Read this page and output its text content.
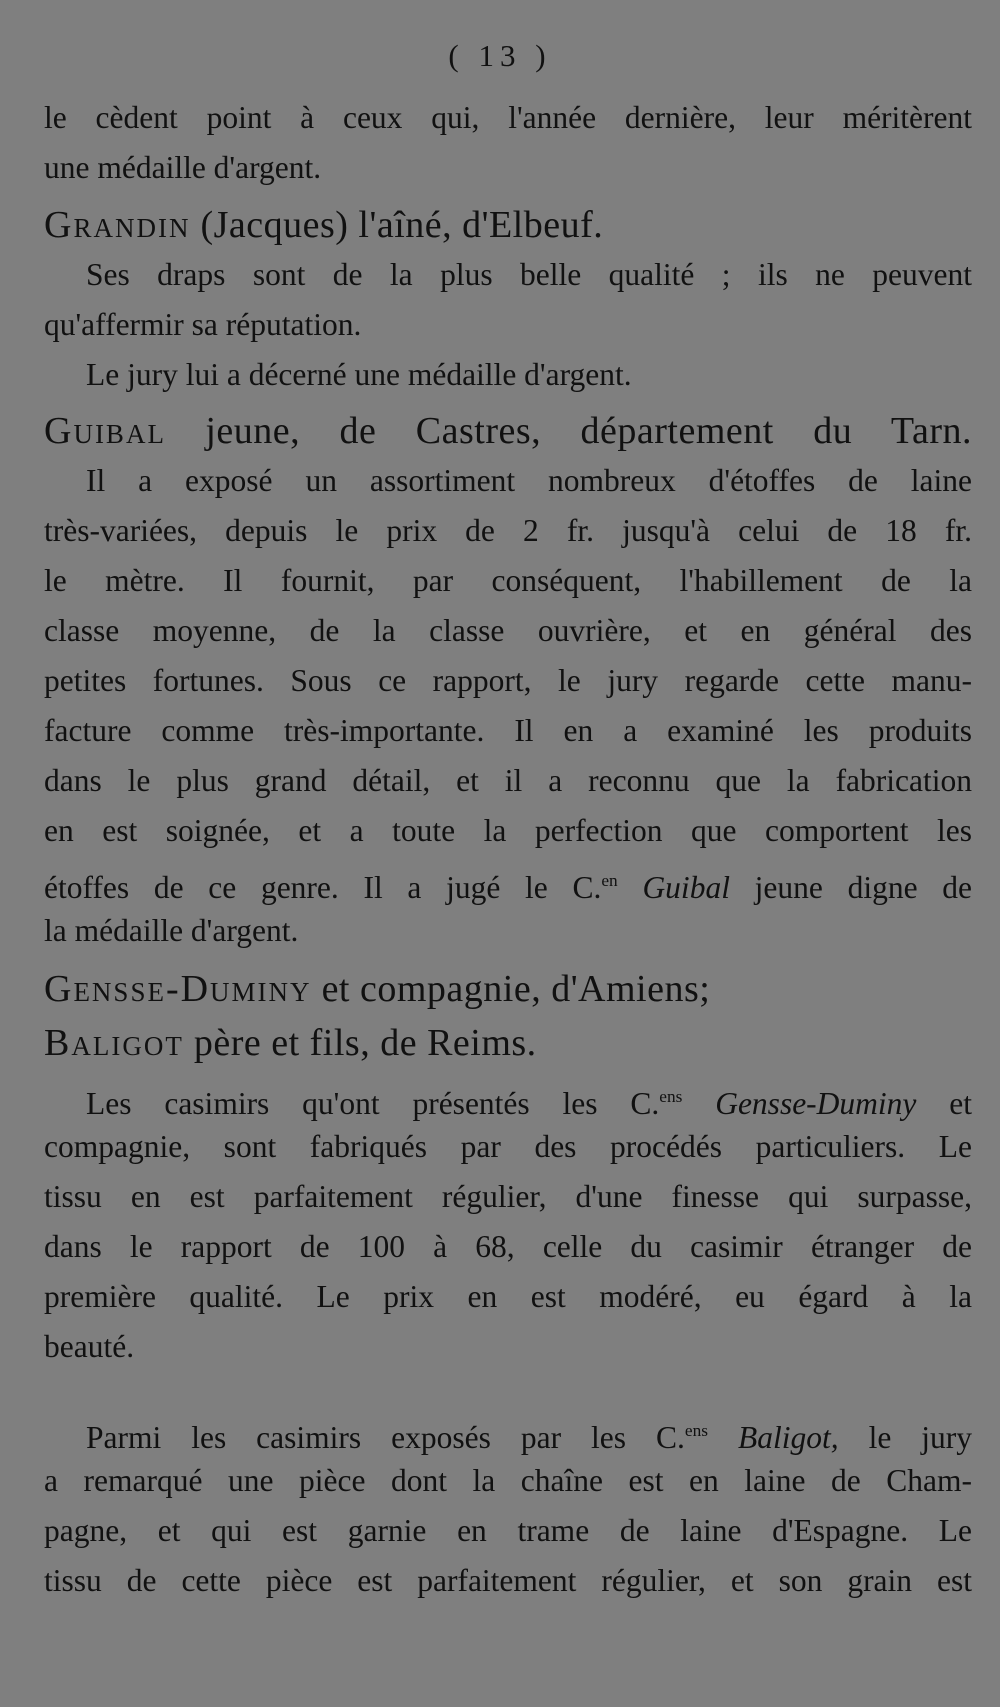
( 13 )
le cèdent point à ceux qui, l'année dernière, leur méritèrent
une médaille d'argent.
Grandin (Jacques) l'aîné, d'Elbeuf.
Ses draps sont de la plus belle qualité ; ils ne peuvent
qu'affermir sa réputation.
Le jury lui a décerné une médaille d'argent.
Guibal jeune, de Castres, département du Tarn.
Il a exposé un assortiment nombreux d'étoffes de laine
très-variées, depuis le prix de 2 fr. jusqu'à celui de 18 fr.
le mètre. Il fournit, par conséquent, l'habillement de la
classe moyenne, de la classe ouvrière, et en général des
petites fortunes. Sous ce rapport, le jury regarde cette manu-
facture comme très-importante. Il en a examiné les produits
dans le plus grand détail, et il a reconnu que la fabrication
en est soignée, et a toute la perfection que comportent les
étoffes de ce genre. Il a jugé le C.$^{en}$ Guibal jeune digne de
la médaille d'argent.
Gensse-Duminy et compagnie, d'Amiens;
Baligot père et fils, de Reims.
Les casimirs qu'ont présentés les C.$^{ens}$ Gensse-Duminy et
compagnie, sont fabriqués par des procédés particuliers. Le
tissu en est parfaitement régulier, d'une finesse qui surpasse,
dans le rapport de 100 à 68, celle du casimir étranger de
première qualité. Le prix en est modéré, eu égard à la
beauté.
Parmi les casimirs exposés par les C.$^{ens}$ Baligot, le jury
a remarqué une pièce dont la chaîne est en laine de Cham-
pagne, et qui est garnie en trame de laine d'Espagne. Le
tissu de cette pièce est parfaitement régulier, et son grain est
